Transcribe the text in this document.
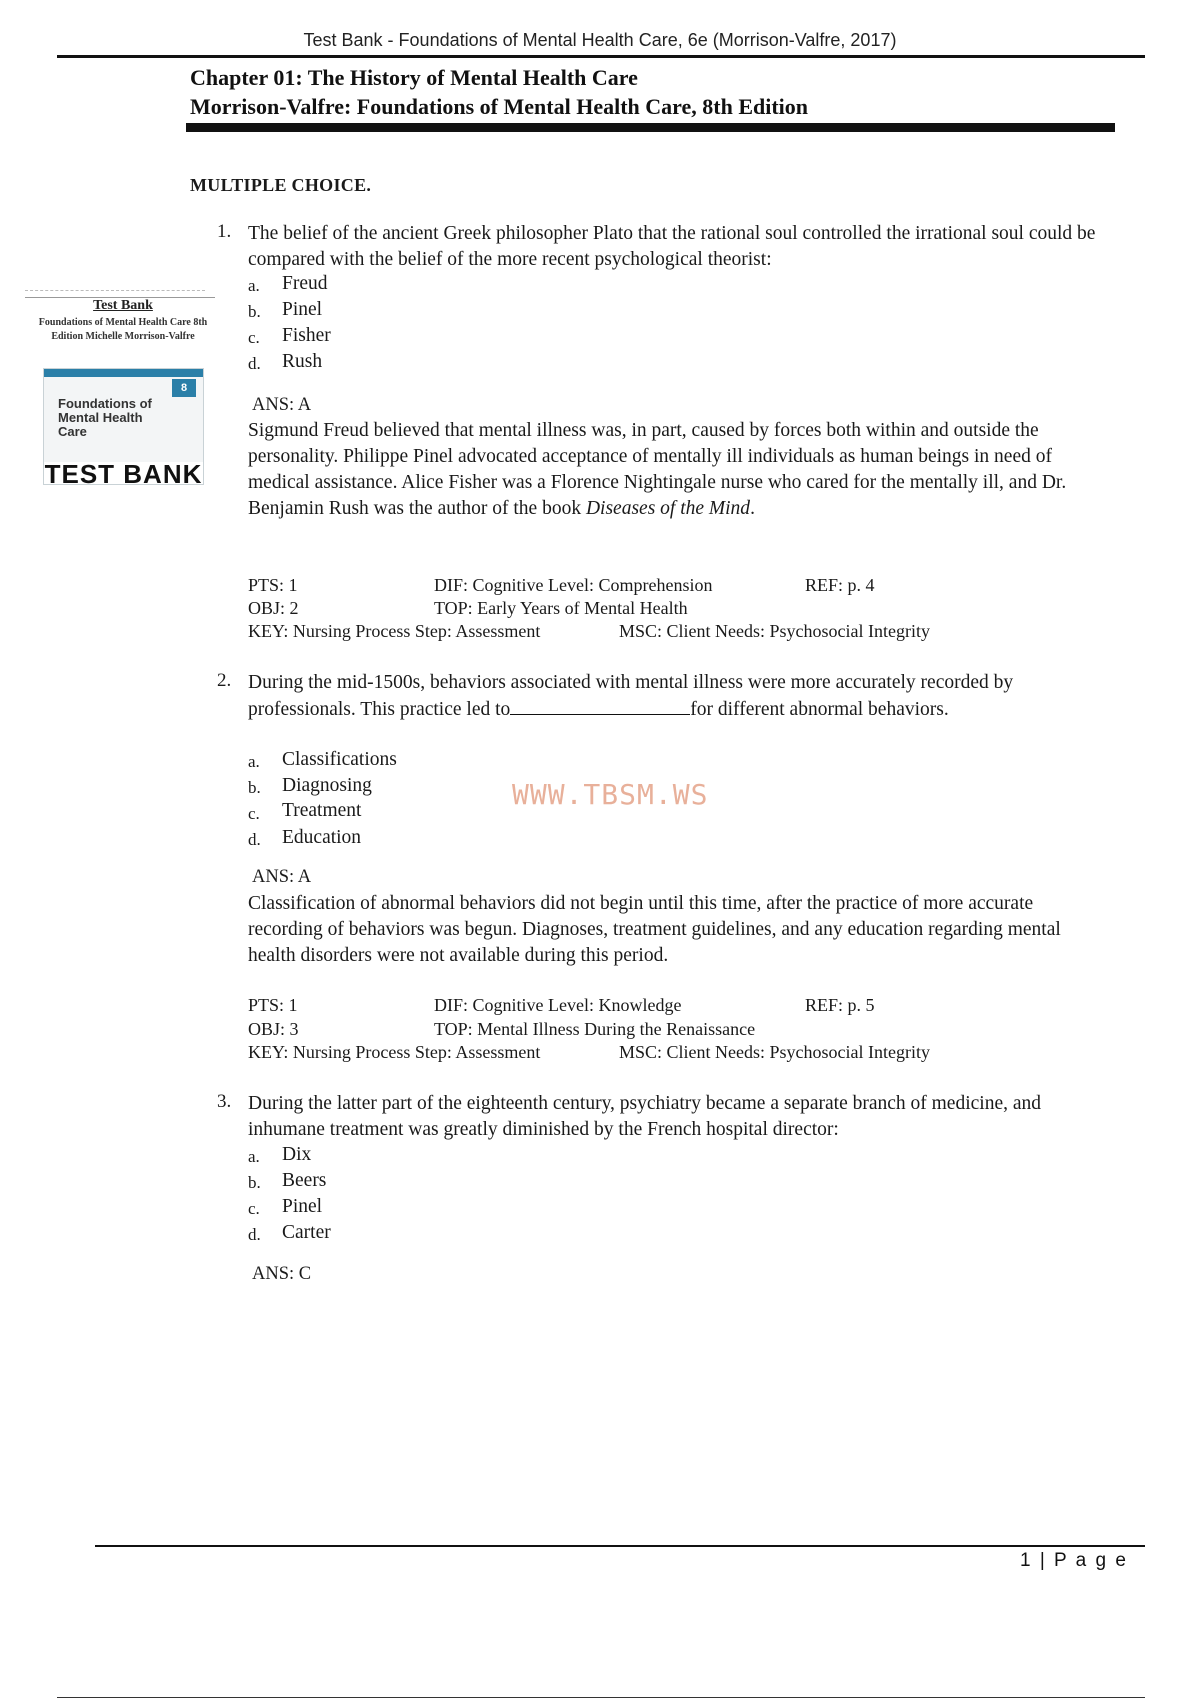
Test Bank - Foundations of Mental Health Care, 6e (Morrison-Valfre, 2017)
Chapter 01: The History of Mental Health Care
Morrison-Valfre: Foundations of Mental Health Care, 8th Edition
MULTIPLE CHOICE.
Test Bank
Foundations of Mental Health Care 8th Edition Michelle Morrison-Valfre
8
Foundations of Mental Health Care
TEST BANK
1. The belief of the ancient Greek philosopher Plato that the rational soul controlled the irrational soul could be compared with the belief of the more recent psychological theorist:
a. Freud
b. Pinel
c. Fisher
d. Rush
ANS: A
Sigmund Freud believed that mental illness was, in part, caused by forces both within and outside the personality. Philippe Pinel advocated acceptance of mentally ill individuals as human beings in need of medical assistance. Alice Fisher was a Florence Nightingale nurse who cared for the mentally ill, and Dr. Benjamin Rush was the author of the book Diseases of the Mind.
PTS: 1	DIF: Cognitive Level: Comprehension	REF: p. 4
OBJ: 2	TOP: Early Years of Mental Health
KEY: Nursing Process Step: Assessment	MSC: Client Needs: Psychosocial Integrity
2. During the mid-1500s, behaviors associated with mental illness were more accurately recorded by professionals. This practice led to	for different abnormal behaviors.
a. Classifications
b. Diagnosing
c. Treatment
d. Education
WWW.TBSM.WS
ANS: A
Classification of abnormal behaviors did not begin until this time, after the practice of more accurate recording of behaviors was begun. Diagnoses, treatment guidelines, and any education regarding mental health disorders were not available during this period.
PTS: 1	DIF: Cognitive Level: Knowledge	REF: p. 5
OBJ: 3	TOP: Mental Illness During the Renaissance
KEY: Nursing Process Step: Assessment	MSC: Client Needs: Psychosocial Integrity
3. During the latter part of the eighteenth century, psychiatry became a separate branch of medicine, and inhumane treatment was greatly diminished by the French hospital director:
a. Dix
b. Beers
c. Pinel
d. Carter
ANS: C
1 | P a g e
